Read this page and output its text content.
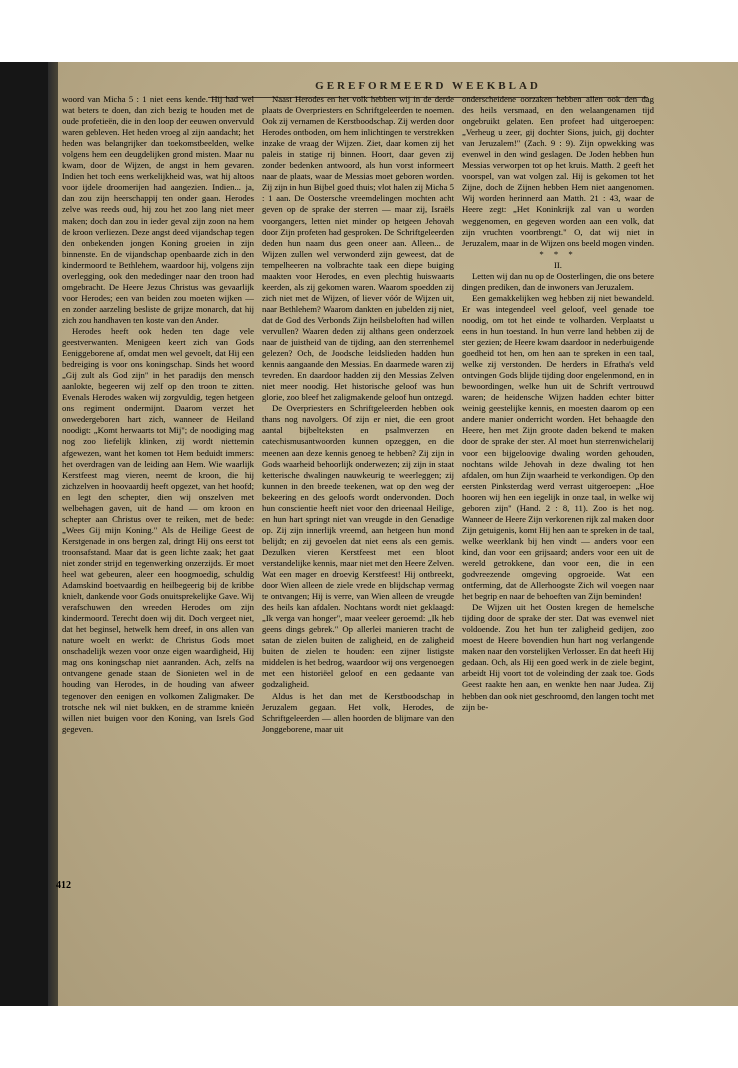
GEREFORMEERD WEEKBLAD

woord van Micha 5 : 1 niet eens kende. Hij had wel wat beters te doen, dan zich bezig te houden met de oude profetieën, die in den loop der eeuwen onvervuld waren gebleven. Het heden vroeg al zijn aandacht; het heden was belangrijker dan toekomstbeelden, welke volgens hem een deugdelijken grond misten. Maar nu kwam, door de Wijzen, de angst in hem gevaren. Indien het toch eens werkelijkheid was, wat hij altoos voor ijdele droomerijen had aangezien. Indien... ja, dan zou zijn heerschappij ten onder gaan. Herodes zelve was reeds oud, hij zou het zoo lang niet meer maken; doch dan zou in ieder geval zijn zoon na hem de kroon verliezen. Deze angst deed vijandschap tegen den onbekenden jongen Koning groeien in zijn binnenste. En de vijandschap openbaarde zich in den kindermoord te Bethlehem, waardoor hij, volgens zijn overlegging, ook den mededinger naar den troon had omgebracht. De Heere Jezus Christus was gevaarlijk voor Herodes; een van beiden zou moeten wijken — en zonder aarzeling besliste de grijze monarch, dat hij zich zou handhaven ten koste van den Ander.

Herodes heeft ook heden ten dage vele geestverwanten. Menigeen keert zich van Gods Eeniggeborene af, omdat men wel gevoelt, dat Hij een bedreiging is voor ons koningschap. Sinds het woord „Gij zult als God zijn" in het paradijs den mensch aanlokte, begeeren wij zelf op den troon te zitten. Evenals Herodes waken wij zorgvuldig, tegen hetgeen ons regiment ondermijnt. Daarom verzet het onwedergeboren hart zich, wanneer de Heiland noodigt: „Komt herwaarts tot Mij"; de noodiging mag nog zoo liefelijk klinken, zij wordt niettemin afgewezen, want het komen tot Hem beduidt immers: het overdragen van de leiding aan Hem. Wie waarlijk Kerstfeest mag vieren, neemt de kroon, die hij zichzelven in hoovaardij heeft opgezet, van het hoofd; en legt den schepter, dien wij onszelven met welbehagen gaven, uit de hand — om kroon en schepter aan Christus over te reiken, met de bede: „Wees Gij mijn Koning." Als de Heilige Geest de Kerstgenade in ons bergen zal, dringt Hij ons eerst tot troonsafstand. Maar dat is geen lichte zaak; het gaat niet zonder strijd en tegenwerking onzerzijds. Er moet heel wat gebeuren, aleer een hoogmoedig, schuldig Adamskind boetvaardig en heilbegeerig bij de kribbe knielt, dankende voor Gods onuitsprekelijke Gave. Wij verafschuwen den wreeden Herodes om zijn kindermoord. Terecht doen wij dit. Doch vergeet niet, dat het beginsel, hetwelk hem dreef, in ons allen van nature woelt en werkt: de Christus Gods moet onschadelijk wezen voor onze eigen waardigheid, Hij mag ons koningschap niet aanranden. Ach, zelfs na ontvangene genade staan de Sionieten wel in de houding van Herodes, in de houding van afweer tegenover den eenigen en volkomen Zaligmaker. De trotsche nek wil niet bukken, en de stramme knieën willen niet buigen voor den Koning, van Isrels God gegeven.

Naast Herodes en het volk hebben wij in de derde plaats de Overpriesters en Schriftgeleerden te noemen. Ook zij vernamen de Kerstboodschap. Zij werden door Herodes ontboden, om hem inlichtingen te verstrekken inzake de vraag der Wijzen. Ziet, daar komen zij het paleis in statige rij binnen. Hoort, daar geven zij zonder bedenken antwoord, als hun vorst informeert naar de plaats, waar de Messias moet geboren worden. Zij zijn in hun Bijbel goed thuis; vlot halen zij Micha 5 : 1 aan. De Oostersche vreemdelingen mochten acht geven op de sprake der sterren — maar zij, Israëls voorgangers, letten niet minder op hetgeen Jehovah door Zijn profeten had gesproken. De Schriftgeleerden deden hun naam dus geen oneer aan. Alleen... de Wijzen zullen wel verwonderd zijn geweest, dat de tempelheeren na volbrachte taak een diepe buiging maakten voor Herodes, en even plechtig huiswaarts keerden, als zij gekomen waren. Waarom spoedden zij zich niet met de Wijzen, of liever vóór de Wijzen uit, naar Bethlehem? Waarom dankten en jubelden zij niet, dat de God des Verbonds Zijn heilsbeloften had willen vervullen? Waaren deden zij althans geen onderzoek naar de juistheid van de tijding, aan den sterrenhemel gelezen? Och, de Joodsche leidslieden hadden hun kennis aangaande den Messias. En daarmede waren zij tevreden. En daardoor hadden zij den Messias Zelven niet meer noodig. Het historische geloof was hun glorie, zoo bleef het zaligmakende geloof hun ontzegd.

De Overpriesters en Schriftgeleerden hebben ook thans nog navolgers. Of zijn er niet, die een groot aantal bijbelteksten en psalmverzen en catechismusantwoorden kunnen opzeggen, en die meenen aan deze kennis genoeg te hebben? Zij zijn in Gods waarheid behoorlijk onderwezen; zij zijn in staat ketterische dwalingen nauwkeurig te weerleggen; zij kunnen in den breede teekenen, wat op den weg der bekeering en des geloofs wordt ondervonden. Doch hun conscientie heeft niet voor den drieenaal Heilige, en hun hart springt niet van vreugde in den Genadige op. Zij zijn innerlijk vreemd, aan hetgeen hun mond belijdt; en zij gevoelen dat niet eens als een gemis. Dezulken vieren Kerstfeest met een bloot verstandelijke kennis, maar niet met den Heere Zelven. Wat een mager en droevig Kerstfeest! Hij ontbreekt, door Wien alleen de ziele vrede en blijdschap vermag te ontvangen; Hij is verre, van Wien alleen de vreugde des heils kan afdalen. Nochtans wordt niet geklaagd: „Ik verga van honger", maar veeleer geroemd: „Ik heb geens dings gebrek." Op allerlei manieren tracht de satan de zielen buiten de zaligheid, en de zaligheid buiten de zielen te houden: een zijner listigste middelen is het bedrog, waardoor wij ons vergenoegen met een historiëel geloof en een gedaante van godzaligheid.

Aldus is het dan met de Kerstboodschap in Jeruzalem gegaan. Het volk, Herodes, de Schriftgeleerden — allen hoorden de blijmare van den Jonggeborene, maar uit

onderscheidene oorzaken hebben allen ook den dag des heils versmaad, en den welaangenamen tijd ongebruikt gelaten. Een profeet had uitgeroepen: „Verheug u zeer, gij dochter Sions, juich, gij dochter van Jeruzalem!" (Zach. 9 : 9). Zijn opwekking was evenwel in den wind geslagen. De Joden hebben hun Messias verworpen tot op het kruis. Matth. 2 geeft het voorspel, van wat volgen zal. Hij is gekomen tot het Zijne, doch de Zijnen hebben Hem niet aangenomen. Wij worden herinnerd aan Matth. 21 : 43, waar de Heere zegt: „Het Koninkrijk zal van u worden weggenomen, en gegeven worden aan een volk, dat zijn vruchten voortbrengt." O, dat wij niet in Jeruzalem, maar in de Wijzen ons beeld mogen vinden.

* * *

II.

Letten wij dan nu op de Oosterlingen, die ons betere dingen prediken, dan de inwoners van Jeruzalem.

Een gemakkelijken weg hebben zij niet bewandeld. Er was integendeel veel geloof, veel genade toe noodig, om tot het einde te volharden. Verplaatst u eens in hun toestand. In hun verre land hebben zij de ster gezien; de Heere kwam daardoor in nederbuigende goedheid tot hen, om hen aan te spreken in een taal, welke zij verstonden. De herders in Efratha's veld ontvingen Gods blijde tijding door engelenmond, en in bewoordingen, welke hun uit de Schrift vertrouwd waren; de heidensche Wijzen hadden echter bitter weinig geestelijke kennis, en moesten daarom op een andere manier onderricht worden. Het behaagde den Heere, hen met Zijn groote daden bekend te maken door de sprake der ster. Al moet hun sterrenwichelarij voor een bijgeloovige dwaling worden gehouden, nochtans wilde Jehovah in deze dwaling tot hen afdalen, om hun Zijn waarheid te verkondigen. Op den eersten Pinksterdag werd verrast uitgeroepen: „Hoe hooren wij hen een iegelijk in onze taal, in welke wij geboren zijn" (Hand. 2 : 8, 11). Zoo is het nog. Wanneer de Heere Zijn verkorenen rijk zal maken door Zijn getuigenis, komt Hij hen aan te spreken in de taal, welke weerklank bij hen vindt — anders voor een kind, dan voor een grijsaard; anders voor een uit de wereld getrokkene, dan voor een, die in een godvreezende omgeving opgroeide. Wat een ontferming, dat de Allerhoogste Zich wil voegen naar het begrip en naar de behoeften van Zijn beminden!

De Wijzen uit het Oosten kregen de hemelsche tijding door de sprake der ster. Dat was evenwel niet voldoende. Zou het hun ter zaligheid gedijen, zoo moest de Heere bovendien hun hart nog verlangende maken naar den vorstelijken Verlosser. En dat heeft Hij gedaan. Och, als Hij een goed werk in de ziele begint, arbeidt Hij voort tot de voleinding der zaak toe. Gods Geest raakte hen aan, en wenkte hen naar Judea. Zij hebben dan ook niet geschroomd, den langen tocht met zijn be-

412
